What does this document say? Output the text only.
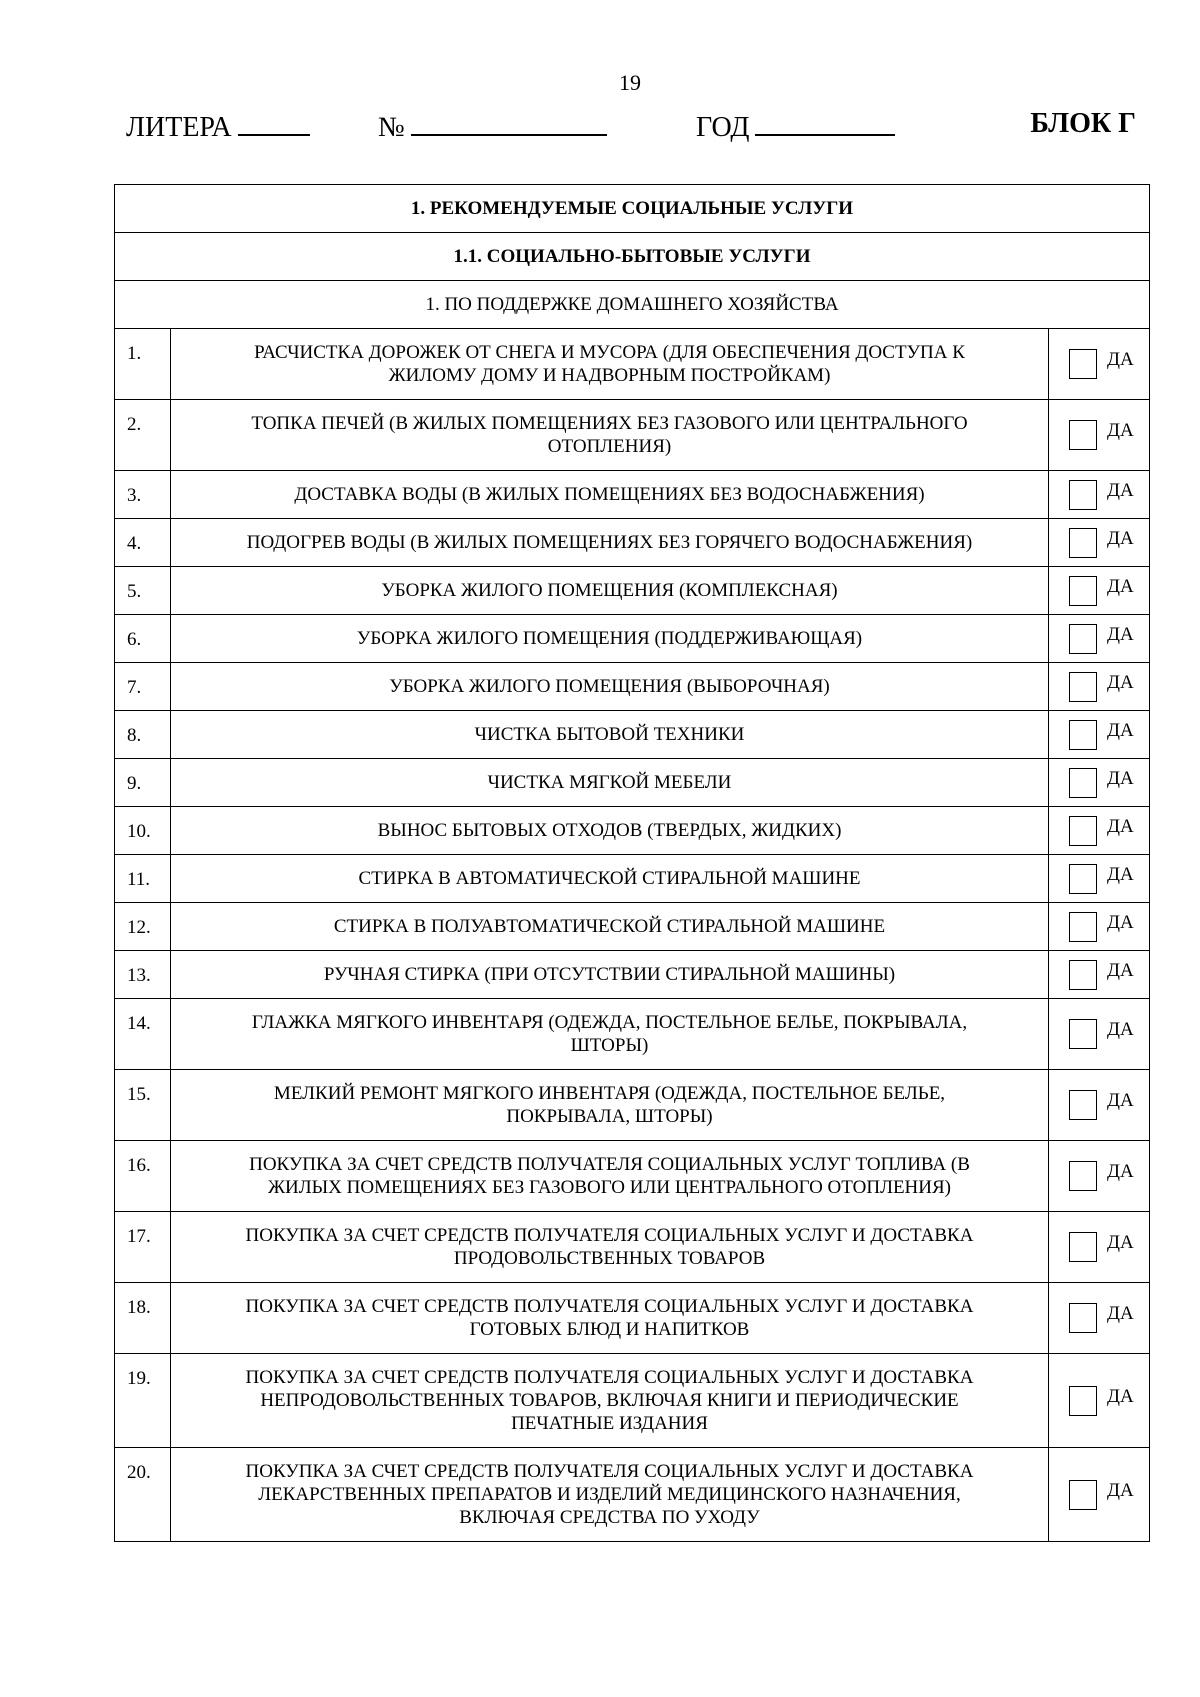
19
ЛИТЕРА	№	ГОД	БЛОК Г
1. РЕКОМЕНДУЕМЫЕ СОЦИАЛЬНЫЕ УСЛУГИ		
1.1. СОЦИАЛЬНО-БЫТОВЫЕ УСЛУГИ		
1. ПО ПОДДЕРЖКЕ ДОМАШНЕГО ХОЗЯЙСТВА		
1.	РАСЧИСТКА ДОРОЖЕК ОТ СНЕГА И МУСОРА (ДЛЯ ОБЕСПЕЧЕНИЯ ДОСТУПА К ЖИЛОМУ ДОМУ И НАДВОРНЫМ ПОСТРОЙКАМ)	ДА

2.	ТОПКА ПЕЧЕЙ (В ЖИЛЫХ ПОМЕЩЕНИЯХ БЕЗ ГАЗОВОГО ИЛИ ЦЕНТРАЛЬНОГО ОТОПЛЕНИЯ)	ДА

3.	ДОСТАВКА ВОДЫ (В ЖИЛЫХ ПОМЕЩЕНИЯХ БЕЗ ВОДОСНАБЖЕНИЯ)	ДА

4.	ПОДОГРЕВ ВОДЫ (В ЖИЛЫХ ПОМЕЩЕНИЯХ БЕЗ ГОРЯЧЕГО ВОДОСНАБЖЕНИЯ)	ДА

5.	УБОРКА ЖИЛОГО ПОМЕЩЕНИЯ (КОМПЛЕКСНАЯ)	ДА

6.	УБОРКА ЖИЛОГО ПОМЕЩЕНИЯ (ПОДДЕРЖИВАЮЩАЯ)	ДА

7.	УБОРКА ЖИЛОГО ПОМЕЩЕНИЯ (ВЫБОРОЧНАЯ)	ДА

8.	ЧИСТКА БЫТОВОЙ ТЕХНИКИ	ДА

9.	ЧИСТКА МЯГКОЙ МЕБЕЛИ	ДА

10.	ВЫНОС БЫТОВЫХ ОТХОДОВ (ТВЕРДЫХ, ЖИДКИХ)	ДА

11.	СТИРКА В АВТОМАТИЧЕСКОЙ СТИРАЛЬНОЙ МАШИНЕ	ДА

12.	СТИРКА В ПОЛУАВТОМАТИЧЕСКОЙ СТИРАЛЬНОЙ МАШИНЕ	ДА

13.	РУЧНАЯ СТИРКА (ПРИ ОТСУТСТВИИ СТИРАЛЬНОЙ МАШИНЫ)	ДА

14.	ГЛАЖКА МЯГКОГО ИНВЕНТАРЯ (ОДЕЖДА, ПОСТЕЛЬНОЕ БЕЛЬЕ, ПОКРЫВАЛА, ШТОРЫ)	ДА

15.	МЕЛКИЙ РЕМОНТ МЯГКОГО ИНВЕНТАРЯ (ОДЕЖДА, ПОСТЕЛЬНОЕ БЕЛЬЕ, ПОКРЫВАЛА, ШТОРЫ)	ДА

16.	ПОКУПКА ЗА СЧЕТ СРЕДСТВ ПОЛУЧАТЕЛЯ СОЦИАЛЬНЫХ УСЛУГ ТОПЛИВА (В ЖИЛЫХ ПОМЕЩЕНИЯХ БЕЗ ГАЗОВОГО ИЛИ ЦЕНТРАЛЬНОГО ОТОПЛЕНИЯ)	ДА

17.	ПОКУПКА ЗА СЧЕТ СРЕДСТВ ПОЛУЧАТЕЛЯ СОЦИАЛЬНЫХ УСЛУГ И ДОСТАВКА ПРОДОВОЛЬСТВЕННЫХ ТОВАРОВ	ДА

18.	ПОКУПКА ЗА СЧЕТ СРЕДСТВ ПОЛУЧАТЕЛЯ СОЦИАЛЬНЫХ УСЛУГ И ДОСТАВКА ГОТОВЫХ БЛЮД И НАПИТКОВ	ДА

19.	ПОКУПКА ЗА СЧЕТ СРЕДСТВ ПОЛУЧАТЕЛЯ СОЦИАЛЬНЫХ УСЛУГ И ДОСТАВКА НЕПРОДОВОЛЬСТВЕННЫХ ТОВАРОВ, ВКЛЮЧАЯ КНИГИ И ПЕРИОДИЧЕСКИЕ ПЕЧАТНЫЕ ИЗДАНИЯ	ДА

20.	ПОКУПКА ЗА СЧЕТ СРЕДСТВ ПОЛУЧАТЕЛЯ СОЦИАЛЬНЫХ УСЛУГ И ДОСТАВКА ЛЕКАРСТВЕННЫХ ПРЕПАРАТОВ И ИЗДЕЛИЙ МЕДИЦИНСКОГО НАЗНАЧЕНИЯ, ВКЛЮЧАЯ СРЕДСТВА ПО УХОДУ	ДА
